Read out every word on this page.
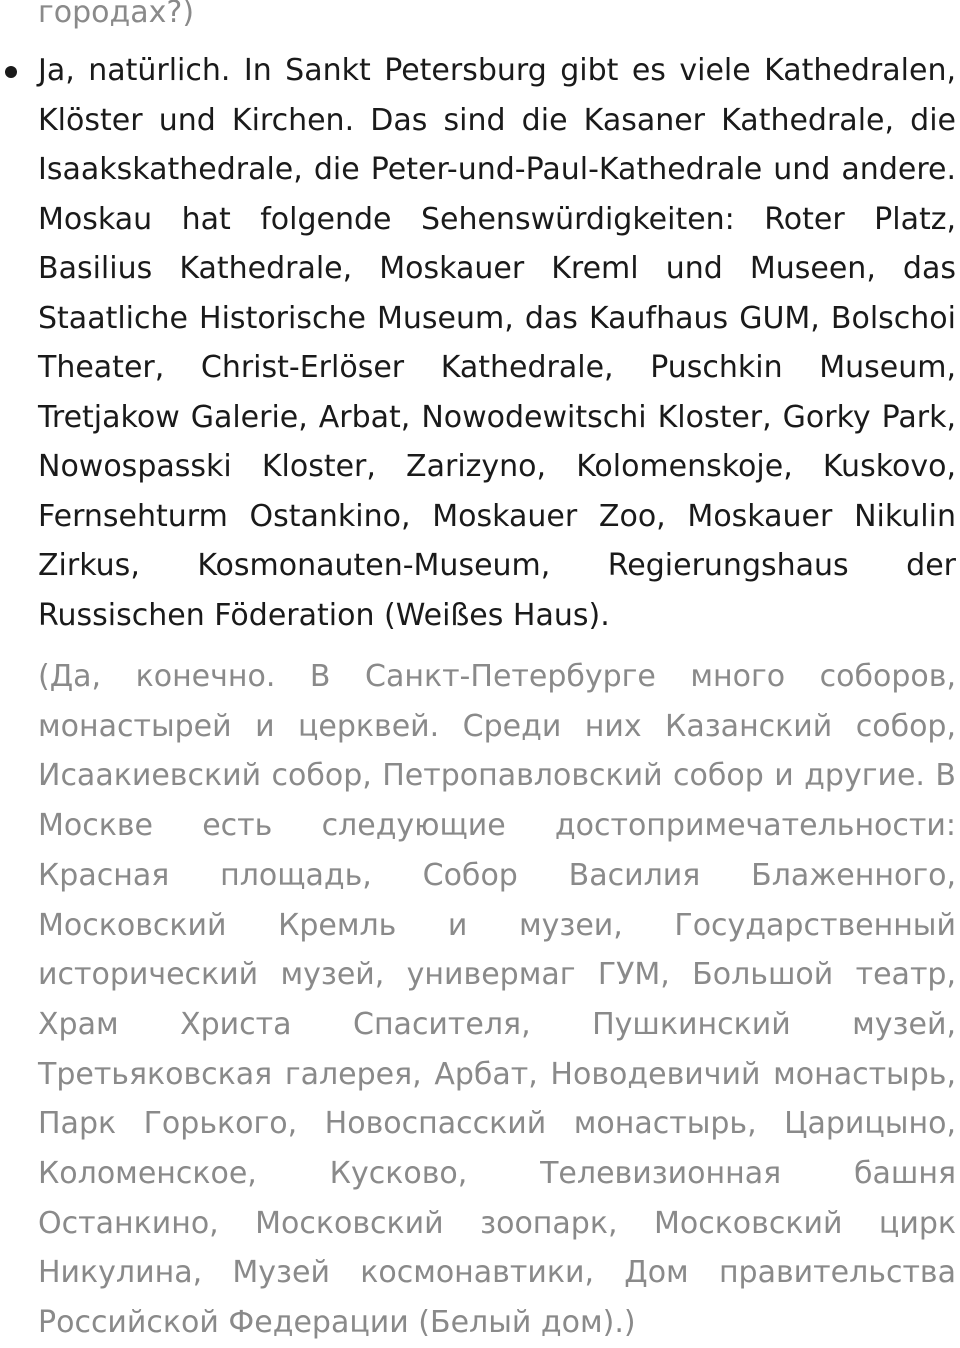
городах?)

Ja, natürlich. In Sankt Petersburg gibt es viele Kathedralen, Klöster und Kirchen. Das sind die Kasaner Kathedrale, die Isaakskathedrale, die Peter-und-Paul-Kathedrale und andere. Moskau hat folgende Sehenswürdigkeiten: Roter Platz, Basilius Kathedrale, Moskauer Kreml und Museen, das Staatliche Historische Museum, das Kaufhaus GUM, Bolschoi Theater, Christ-Erlöser Kathedrale, Puschkin Museum, Tretjakow Galerie, Arbat, Nowodewitschi Kloster, Gorky Park, Nowospasski Kloster, Zarizyno, Kolomenskoje, Kuskovo, Fernsehturm Ostankino, Moskauer Zoo, Moskauer Nikulin Zirkus, Kosmonauten-Museum, Regierungshaus der Russischen Föderation (Weißes Haus).

(Да, конечно. В Санкт-Петербурге много соборов, монастырей и церквей. Среди них Казанский собор, Исаакиевский собор, Петропавловский собор и другие. В Москве есть следующие достопримечательности: Красная площадь, Собор Василия Блаженного, Московский Кремль и музеи, Государственный исторический музей, универмаг ГУМ, Большой театр, Храм Христа Спасителя, Пушкинский музей, Третьяковская галерея, Арбат, Новодевичий монастырь, Парк Горького, Новоспасский монастырь, Царицыно, Коломенское, Кусково, Телевизионная башня Останкино, Московский зоопарк, Московский цирк Никулина, Музей космонавтики, Дом правительства Российской Федерации (Белый дом).)
